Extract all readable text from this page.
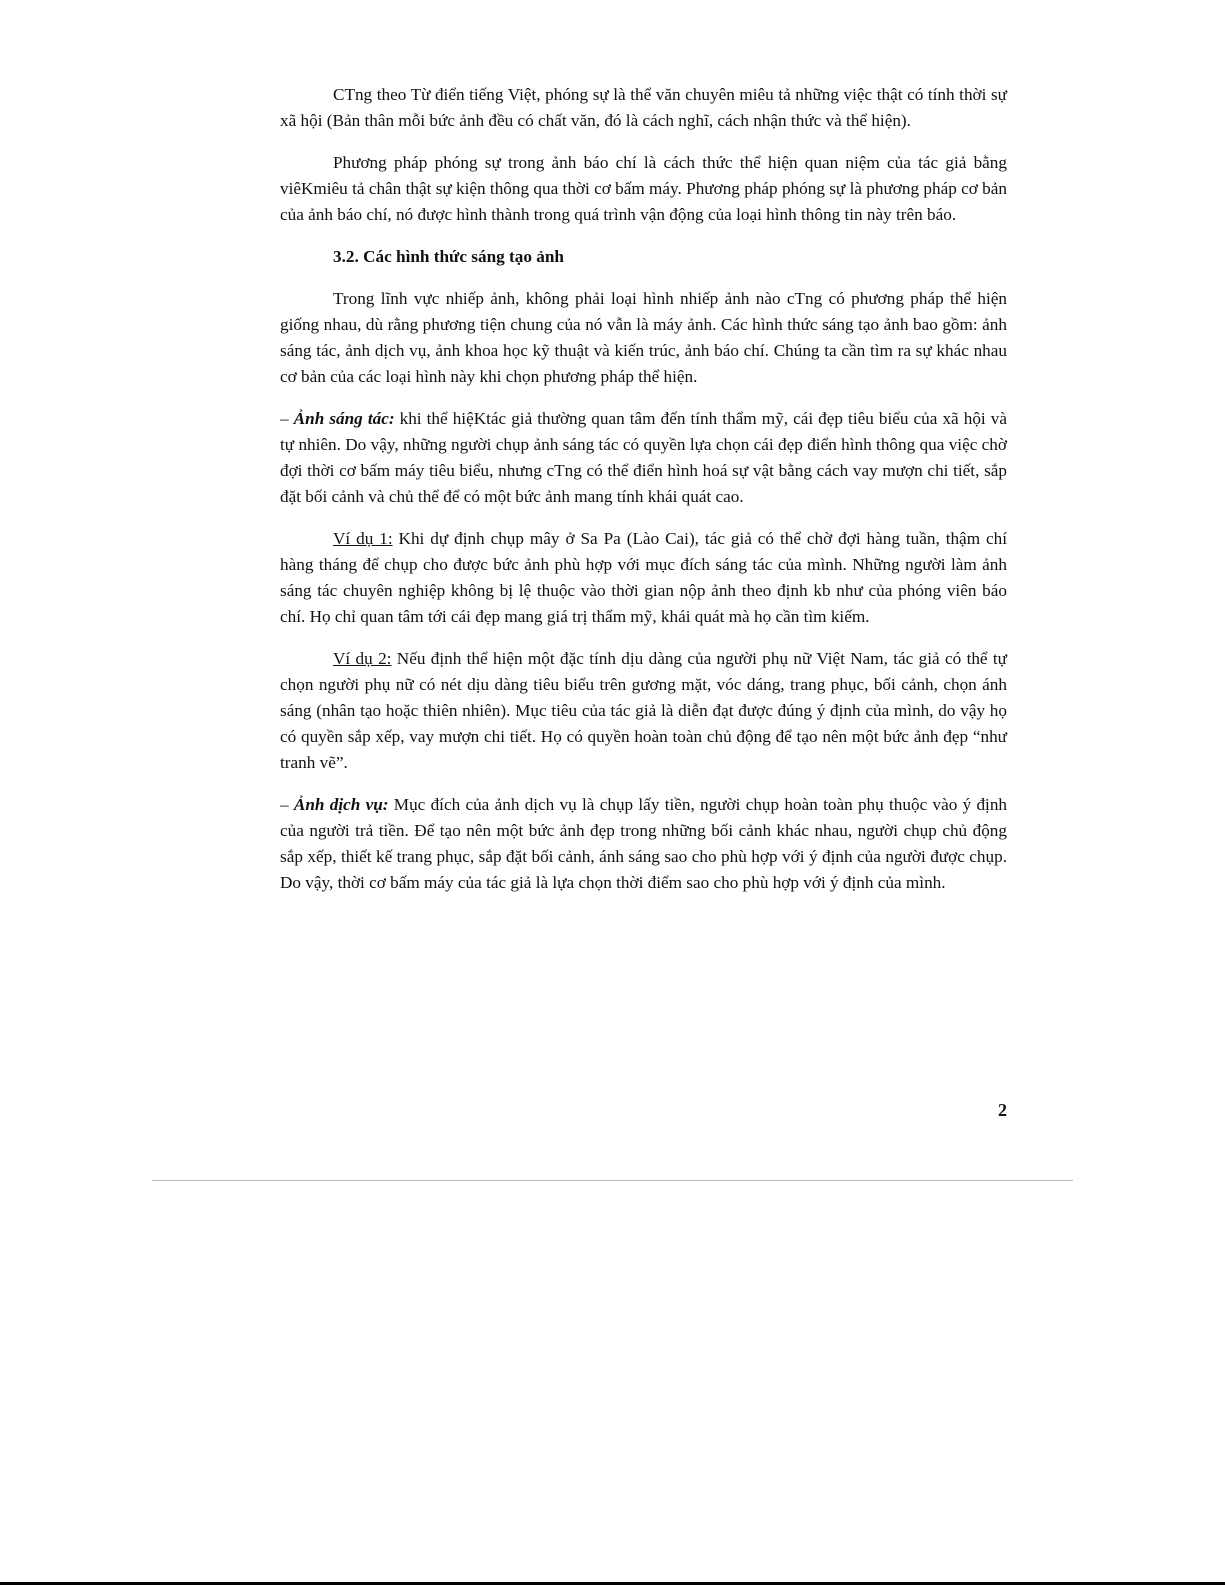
CTng theo Từ điển tiếng Việt, phóng sự là thể văn chuyên miêu tả những việc thật có tính thời sự xã hội (Bản thân mỗi bức ảnh đều có chất văn, đó là cách nghĩ, cách nhận thức và thể hiện).

Phương pháp phóng sự trong ảnh báo chí là cách thức thể hiện quan niệm của tác giả bằng viêKmiêu tả chân thật sự kiện thông qua thời cơ bấm máy. Phương pháp phóng sự là phương pháp cơ bản của ảnh báo chí, nó được hình thành trong quá trình vận động của loại hình thông tin này trên báo.

3.2. Các hình thức sáng tạo ảnh

Trong lĩnh vực nhiếp ảnh, không phải loại hình nhiếp ảnh nào cTng có phương pháp thể hiện giống nhau, dù rằng phương tiện chung của nó vẫn là máy ảnh. Các hình thức sáng tạo ảnh bao gồm: ảnh sáng tác, ảnh dịch vụ, ảnh khoa học kỹ thuật và kiến trúc, ảnh báo chí. Chúng ta cần tìm ra sự khác nhau cơ bản của các loại hình này khi chọn phương pháp thể hiện.

– Ảnh sáng tác: khi thể hiệKtác giả thường quan tâm đến tính thẩm mỹ, cái đẹp tiêu biểu của xã hội và tự nhiên. Do vậy, những người chụp ảnh sáng tác có quyền lựa chọn cái đẹp điển hình thông qua việc chờ đợi thời cơ bấm máy tiêu biểu, nhưng cTng có thể điển hình hoá sự vật bằng cách vay mượn chi tiết, sắp đặt bối cảnh và chủ thể để có một bức ảnh mang tính khái quát cao.

Ví dụ 1: Khi dự định chụp mây ở Sa Pa (Lào Cai), tác giả có thể chờ đợi hàng tuần, thậm chí hàng tháng để chụp cho được bức ảnh phù hợp với mục đích sáng tác của mình. Những người làm ảnh sáng tác chuyên nghiệp không bị lệ thuộc vào thời gian nộp ảnh theo định kb như của phóng viên báo chí. Họ chỉ quan tâm tới cái đẹp mang giá trị thẩm mỹ, khái quát mà họ cần tìm kiếm.

Ví dụ 2: Nếu định thể hiện một đặc tính dịu dàng của người phụ nữ Việt Nam, tác giả có thể tự chọn người phụ nữ có nét dịu dàng tiêu biểu trên gương mặt, vóc dáng, trang phục, bối cảnh, chọn ánh sáng (nhân tạo hoặc thiên nhiên). Mục tiêu của tác giả là diễn đạt được đúng ý định của mình, do vậy họ có quyền sắp xếp, vay mượn chi tiết. Họ có quyền hoàn toàn chủ động để tạo nên một bức ảnh đẹp “như tranh vẽ”.

– Ảnh dịch vụ: Mục đích của ảnh dịch vụ là chụp lấy tiền, người chụp hoàn toàn phụ thuộc vào ý định của người trả tiền. Để tạo nên một bức ảnh đẹp trong những bối cảnh khác nhau, người chụp chủ động sắp xếp, thiết kế trang phục, sắp đặt bối cảnh, ánh sáng sao cho phù hợp với ý định của người được chụp. Do vậy, thời cơ bấm máy của tác giả là lựa chọn thời điểm sao cho phù hợp với ý định của mình.

2
